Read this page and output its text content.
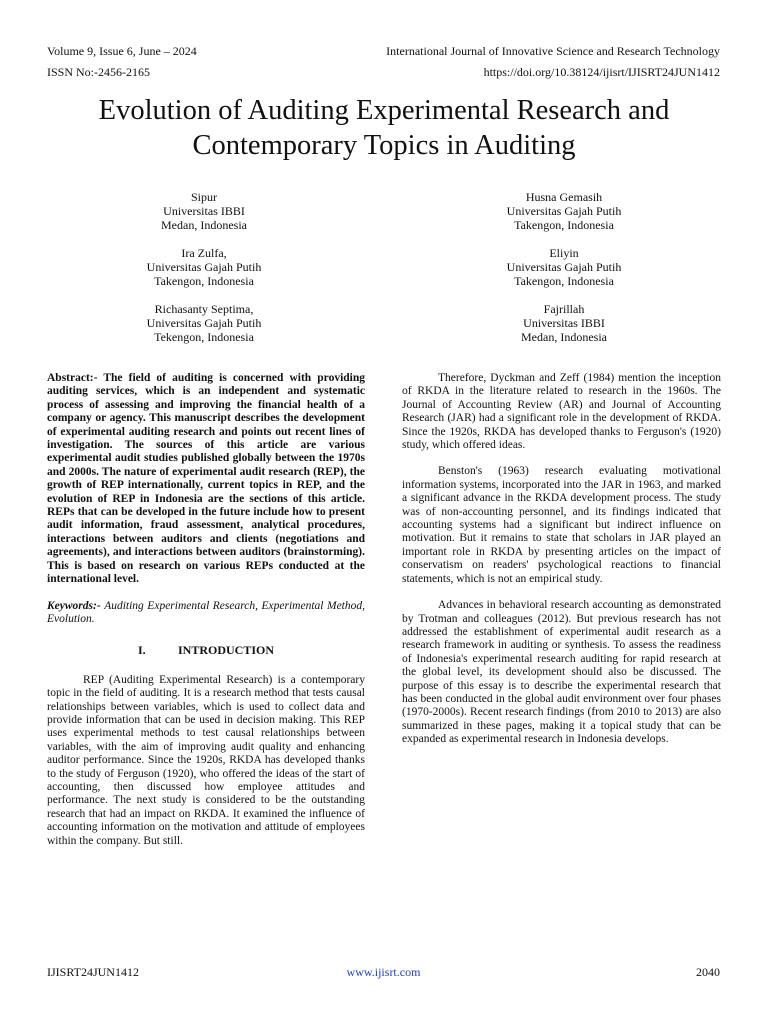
Volume 9, Issue 6, June – 2024	International Journal of Innovative Science and Research Technology
ISSN No:-2456-2165	https://doi.org/10.38124/ijisrt/IJISRT24JUN1412
Evolution of Auditing Experimental Research and
Contemporary Topics in Auditing
Sipur
Universitas IBBI
Medan, Indonesia
Ira Zulfa,
Universitas Gajah Putih
Takengon, Indonesia
Richasanty Septima,
Universitas Gajah Putih
Tekengon, Indonesia
Husna Gemasih
Universitas Gajah Putih
Takengon, Indonesia
Eliyin
Universitas Gajah Putih
Takengon, Indonesia
Fajrillah
Universitas IBBI
Medan, Indonesia

Abstract:- The field of auditing is concerned with providing auditing services, which is an independent and systematic process of assessing and improving the financial health of a company or agency. This manuscript describes the development of experimental auditing research and points out recent lines of investigation. The sources of this article are various experimental audit studies published globally between the 1970s and 2000s. The nature of experimental audit research (REP), the growth of REP internationally, current topics in REP, and the evolution of REP in Indonesia are the sections of this article. REPs that can be developed in the future include how to present audit information, fraud assessment, analytical procedures, interactions between auditors and clients (negotiations and agreements), and interactions between auditors (brainstorming). This is based on research on various REPs conducted at the international level.

Keywords:- Auditing Experimental Research, Experimental Method, Evolution.

I.	INTRODUCTION

REP (Auditing Experimental Research) is a contemporary topic in the field of auditing. It is a research method that tests causal relationships between variables, which is used to collect data and provide information that can be used in decision making. This REP uses experimental methods to test causal relationships between variables, with the aim of improving audit quality and enhancing auditor performance. Since the 1920s, RKDA has developed thanks to the study of Ferguson (1920), who offered the ideas of the start of accounting, then discussed how employee attitudes and performance. The next study is considered to be the outstanding research that had an impact on RKDA. It examined the influence of accounting information on the motivation and attitude of employees within the company. But still.

Therefore, Dyckman and Zeff (1984) mention the inception of RKDA in the literature related to research in the 1960s. The Journal of Accounting Review (AR) and Journal of Accounting Research (JAR) had a significant role in the development of RKDA. Since the 1920s, RKDA has developed thanks to Ferguson's (1920) study, which offered ideas.

Benston's (1963) research evaluating motivational information systems, incorporated into the JAR in 1963, and marked a significant advance in the RKDA development process. The study was of non-accounting personnel, and its findings indicated that accounting systems had a significant but indirect influence on motivation. But it remains to state that scholars in JAR played an important role in RKDA by presenting articles on the impact of conservatism on readers' psychological reactions to financial statements, which is not an empirical study.

Advances in behavioral research accounting as demonstrated by Trotman and colleagues (2012). But previous research has not addressed the establishment of experimental audit research as a research framework in auditing or synthesis. To assess the readiness of Indonesia's experimental research auditing for rapid research at the global level, its development should also be discussed. The purpose of this essay is to describe the experimental research that has been conducted in the global audit environment over four phases (1970-2000s). Recent research findings (from 2010 to 2013) are also summarized in these pages, making it a topical study that can be expanded as experimental research in Indonesia develops.

IJISRT24JUN1412	www.ijisrt.com	2040
